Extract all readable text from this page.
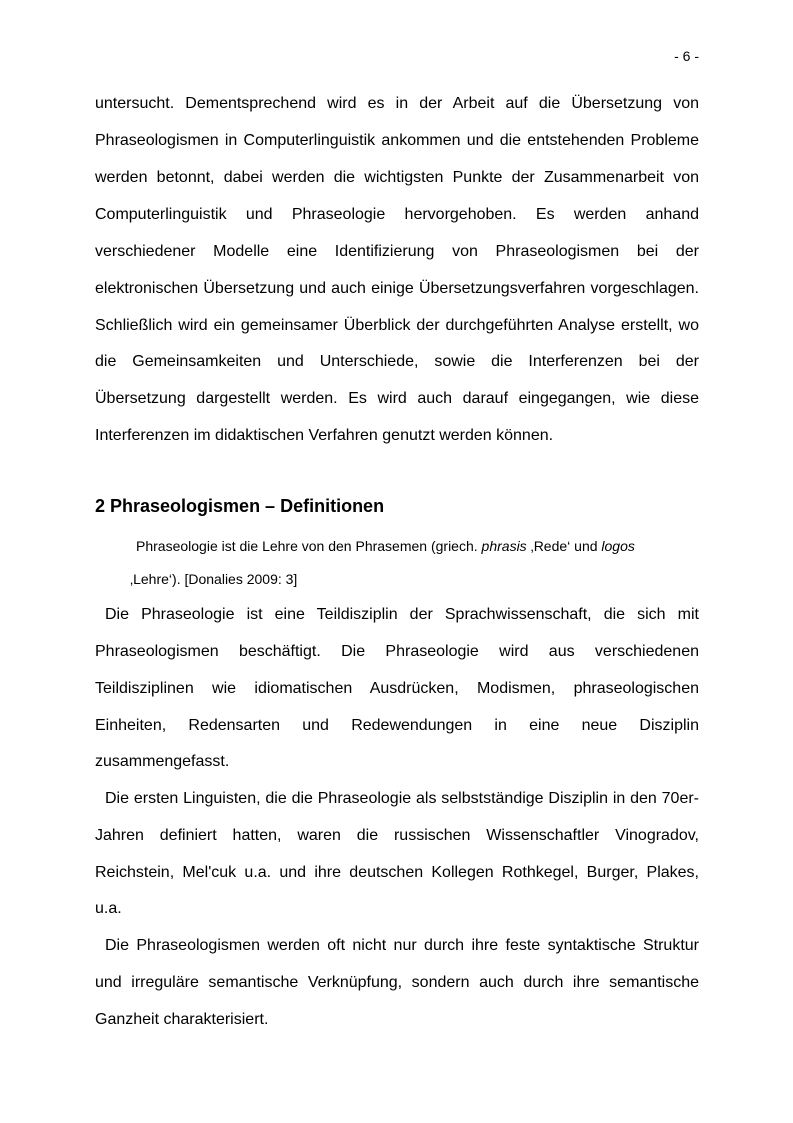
- 6 -
untersucht. Dementsprechend wird es in der Arbeit auf die Übersetzung von
Phraseologismen in Computerlinguistik ankommen und die entstehenden Probleme
werden betonnt, dabei werden die wichtigsten Punkte der Zusammenarbeit von
Computerlinguistik und Phraseologie hervorgehoben. Es werden anhand
verschiedener Modelle eine Identifizierung von Phraseologismen bei der
elektronischen Übersetzung und auch einige Übersetzungsverfahren vorgeschlagen.
Schließlich wird ein gemeinsamer Überblick der durchgeführten Analyse erstellt, wo
die Gemeinsamkeiten und Unterschiede, sowie die Interferenzen bei der
Übersetzung dargestellt werden. Es wird auch darauf eingegangen, wie diese
Interferenzen im didaktischen Verfahren genutzt werden können.
2 Phraseologismen – Definitionen
Phraseologie ist die Lehre von den Phrasemen (griech. phrasis ‚Rede‘ und logos
‚Lehre‘). [Donalies 2009: 3]
Die Phraseologie ist eine Teildisziplin der Sprachwissenschaft, die sich mit
Phraseologismen beschäftigt. Die Phraseologie wird aus verschiedenen
Teildisziplinen wie idiomatischen Ausdrücken, Modismen, phraseologischen
Einheiten, Redensarten und Redewendungen in eine neue Disziplin
zusammengefasst.
Die ersten Linguisten, die die Phraseologie als selbstständige Disziplin in den 70er-
Jahren definiert hatten, waren die russischen Wissenschaftler Vinogradov,
Reichstein, Mel'cuk u.a. und ihre deutschen Kollegen Rothkegel, Burger, Plakes,
u.a.
Die Phraseologismen werden oft nicht nur durch ihre feste syntaktische Struktur
und irreguläre semantische Verknüpfung, sondern auch durch ihre semantische
Ganzheit charakterisiert.
